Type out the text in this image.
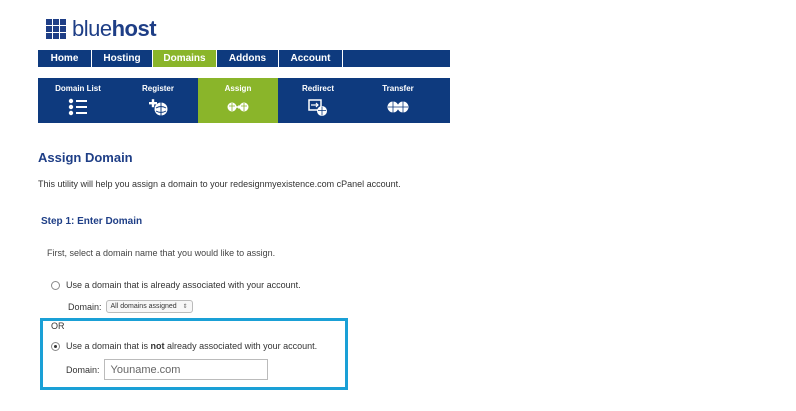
bluehost
Home	Hosting	Domains	Addons	Account
Domain List	Register	Assign	Redirect	Transfer
Assign Domain
This utility will help you assign a domain to your redesignmyexistence.com cPanel account.
Step 1: Enter Domain
First, select a domain name that you would like to assign.
Use a domain that is already associated with your account.
Domain: All domains assigned ⇕
OR
Use a domain that is not already associated with your account.
Domain:	Youname.com
